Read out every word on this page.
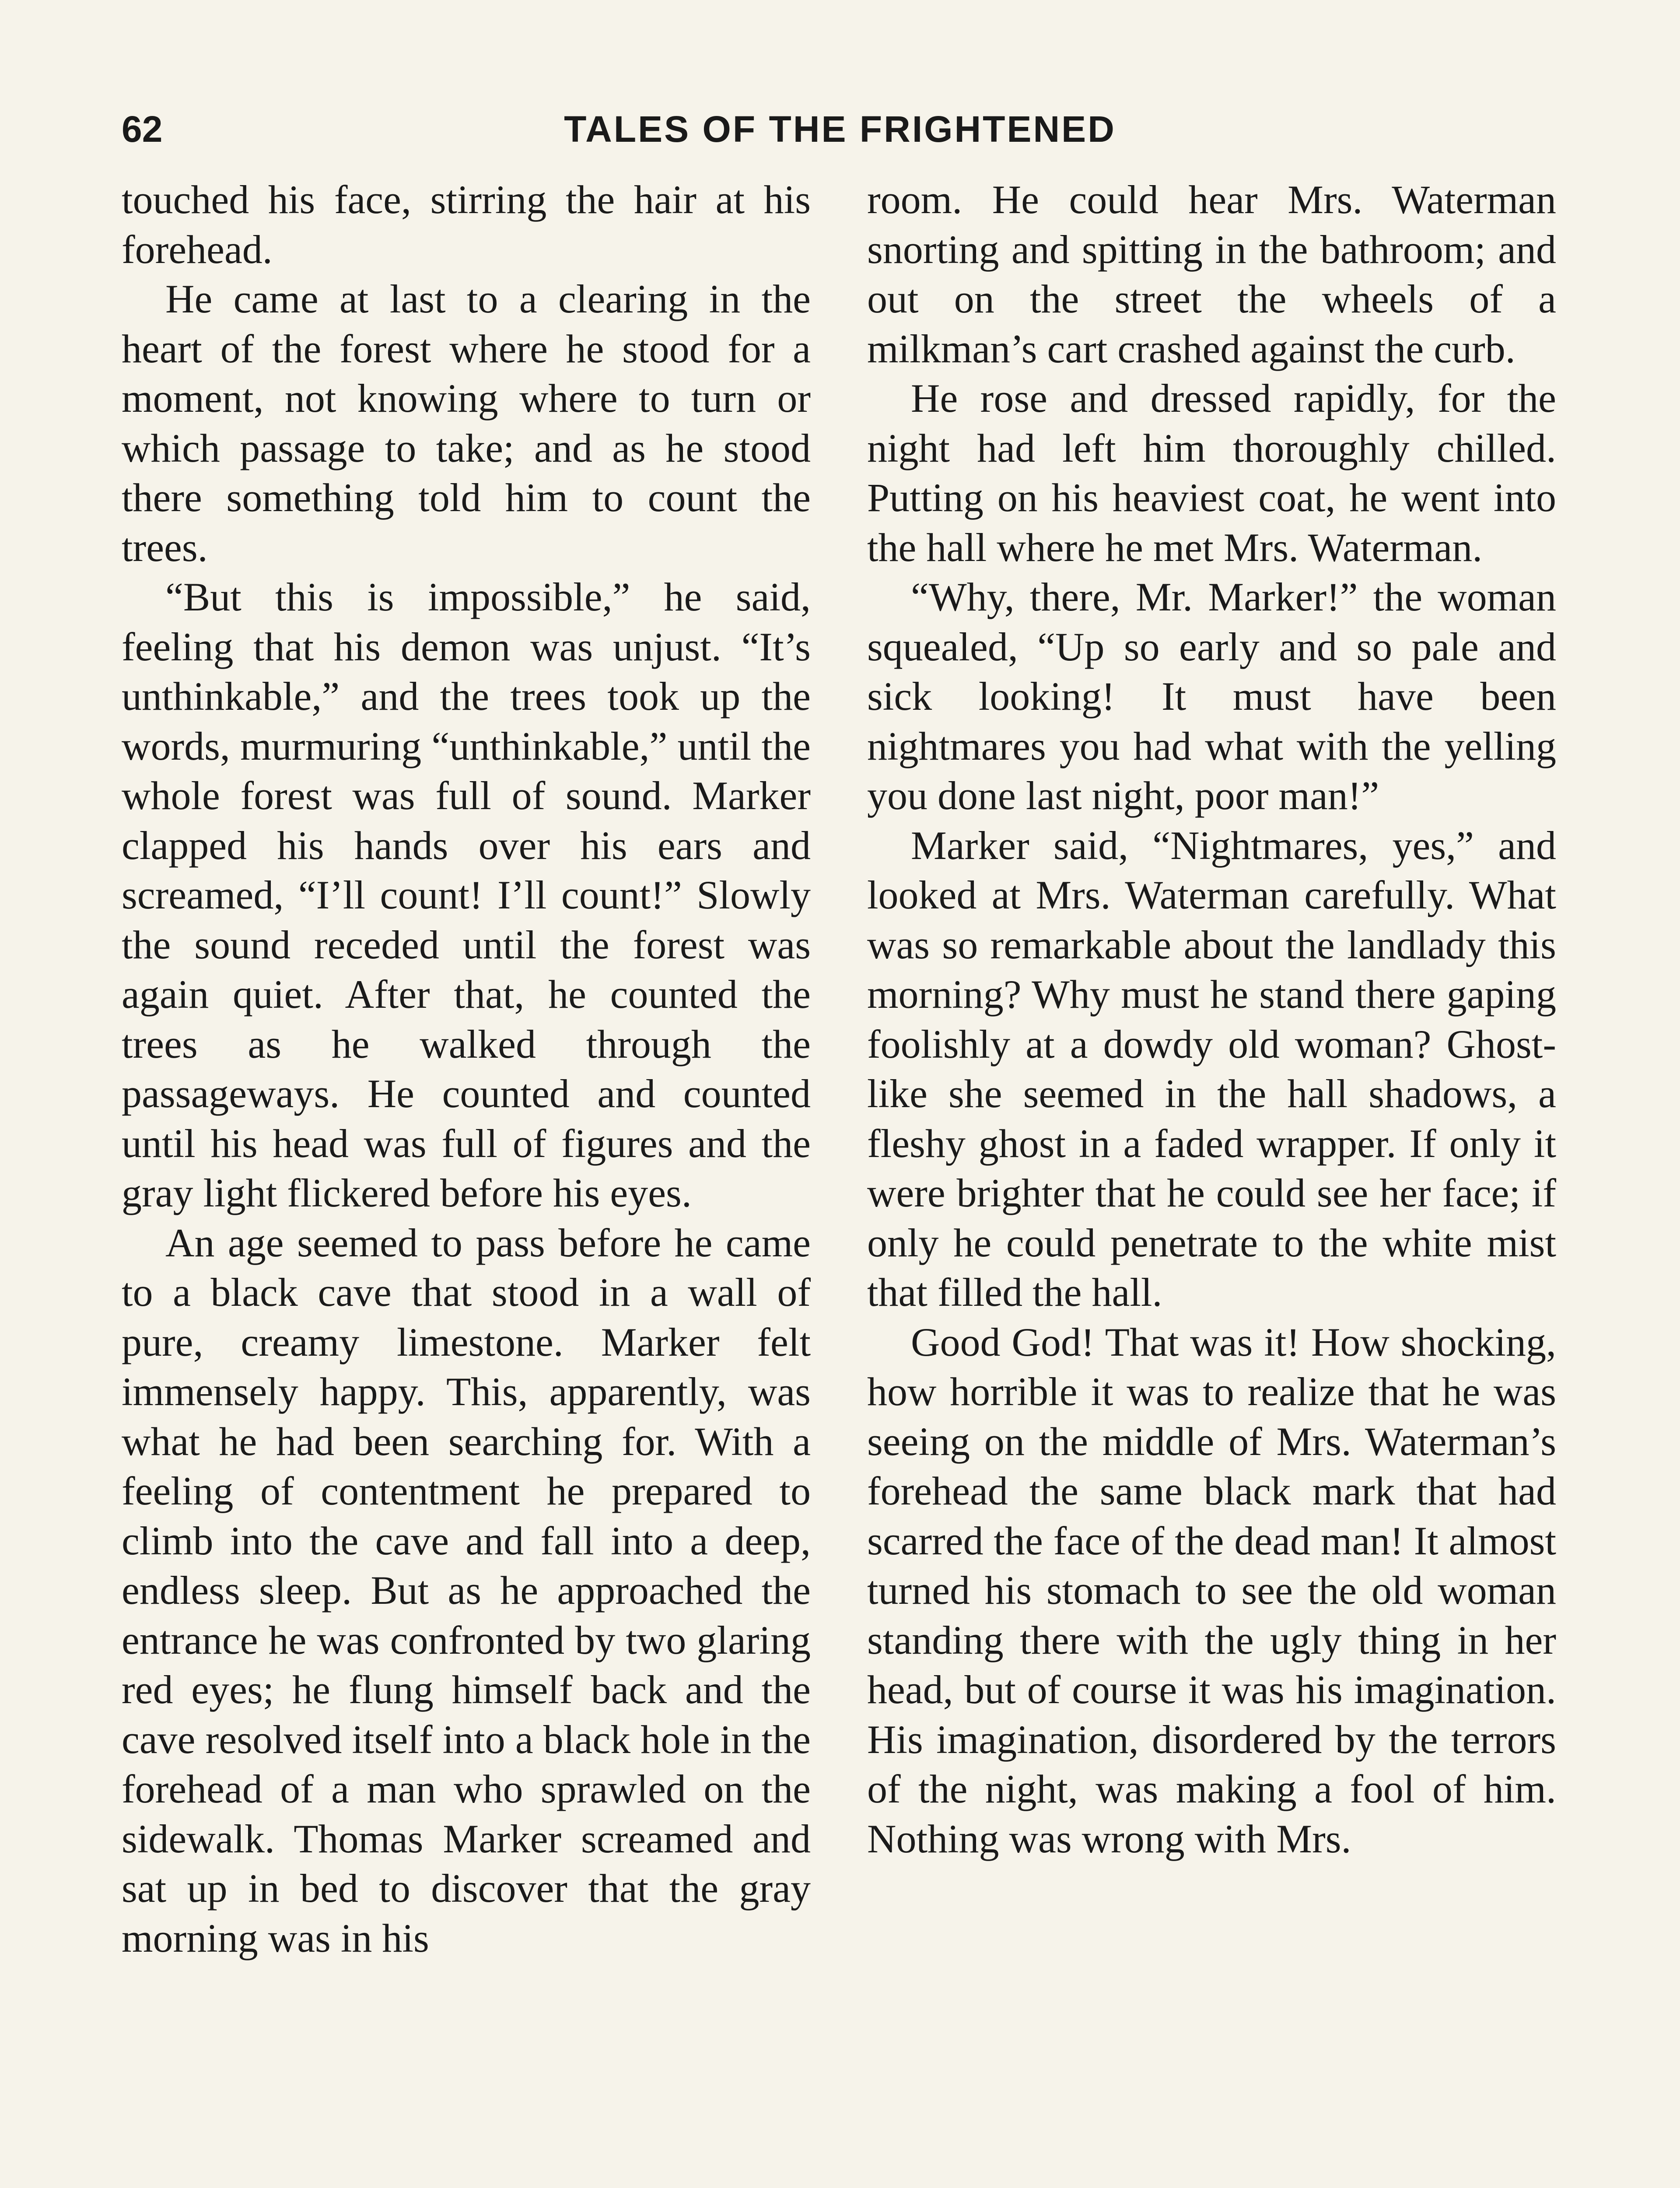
62	TALES OF THE FRIGHTENED

touched his face, stirring the hair at his forehead.

He came at last to a clearing in the heart of the forest where he stood for a moment, not knowing where to turn or which passage to take; and as he stood there something told him to count the trees.

“But this is impossible,” he said, feeling that his demon was unjust. “It’s unthinkable,” and the trees took up the words, murmuring “unthinkable,” until the whole forest was full of sound. Marker clapped his hands over his ears and screamed, “I’ll count! I’ll count!” Slowly the sound receded until the forest was again quiet. After that, he counted the trees as he walked through the passageways. He counted and counted until his head was full of figures and the gray light flickered before his eyes.

An age seemed to pass before he came to a black cave that stood in a wall of pure, creamy limestone. Marker felt immensely happy. This, apparently, was what he had been searching for. With a feeling of contentment he prepared to climb into the cave and fall into a deep, endless sleep. But as he approached the entrance he was confronted by two glaring red eyes; he flung himself back and the cave resolved itself into a black hole in the forehead of a man who sprawled on the sidewalk. Thomas Marker screamed and sat up in bed to discover that the gray morning was in his

room. He could hear Mrs. Waterman snorting and spitting in the bathroom; and out on the street the wheels of a milkman’s cart crashed against the curb.

He rose and dressed rapidly, for the night had left him thoroughly chilled. Putting on his heaviest coat, he went into the hall where he met Mrs. Waterman.

“Why, there, Mr. Marker!” the woman squealed, “Up so early and so pale and sick looking! It must have been nightmares you had what with the yelling you done last night, poor man!”

Marker said, “Nightmares, yes,” and looked at Mrs. Waterman carefully. What was so remarkable about the landlady this morning? Why must he stand there gaping foolishly at a dowdy old woman? Ghost-like she seemed in the hall shadows, a fleshy ghost in a faded wrapper. If only it were brighter that he could see her face; if only he could penetrate to the white mist that filled the hall.

Good God! That was it! How shocking, how horrible it was to realize that he was seeing on the middle of Mrs. Waterman’s forehead the same black mark that had scarred the face of the dead man! It almost turned his stomach to see the old woman standing there with the ugly thing in her head, but of course it was his imagination. His imagination, disordered by the terrors of the night, was making a fool of him. Nothing was wrong with Mrs.
